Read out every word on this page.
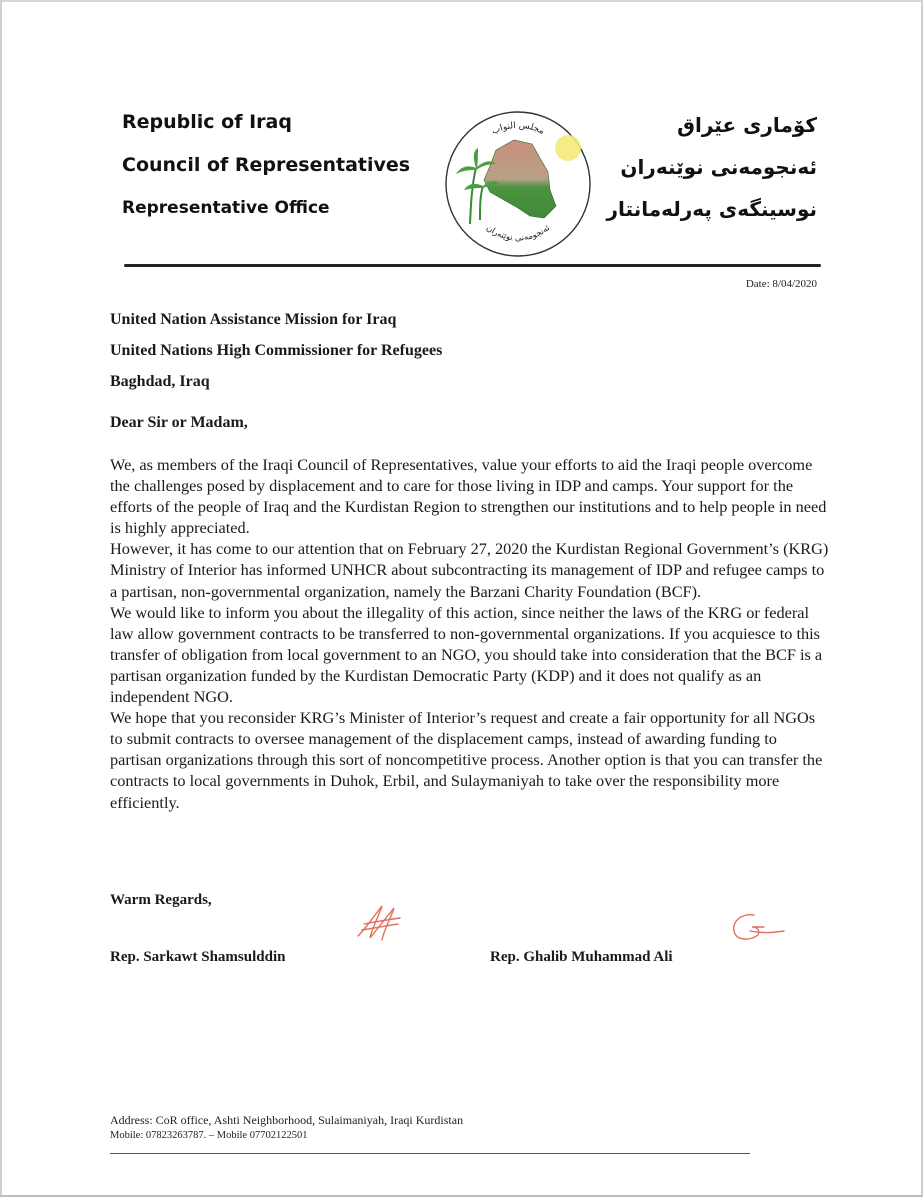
Republic of Iraq
Council of Representatives
Representative Office
مجلس النواب
ئەنجومەنی نوێنەران
كۆماری عێراق
ئەنجومەنی نوێنەران
نوسینگەی پەرلەمانتار
Date: 8/04/2020
United Nation Assistance Mission for Iraq
United Nations High Commissioner for Refugees
Baghdad, Iraq
Dear Sir or Madam,

We, as members of the Iraqi Council of Representatives, value your efforts to aid the Iraqi people overcome the challenges posed by displacement and to care for those living in IDP and camps. Your support for the efforts of the people of Iraq and the Kurdistan Region to strengthen our institutions and to help people in need is highly appreciated.

However, it has come to our attention that on February 27, 2020 the Kurdistan Regional Government’s (KRG) Ministry of Interior has informed UNHCR about subcontracting its management of IDP and refugee camps to a partisan, non-governmental organization, namely the Barzani Charity Foundation (BCF).

We would like to inform you about the illegality of this action, since neither the laws of the KRG or federal law allow government contracts to be transferred to non-governmental organizations. If you acquiesce to this transfer of obligation from local government to an NGO, you should take into consideration that the BCF is a partisan organization funded by the Kurdistan Democratic Party (KDP) and it does not qualify as an independent NGO.

We hope that you reconsider KRG’s Minister of Interior’s request and create a fair opportunity for all NGOs to submit contracts to oversee management of the displacement camps, instead of awarding funding to partisan organizations through this sort of noncompetitive process. Another option is that you can transfer the contracts to local governments in Duhok, Erbil, and Sulaymaniyah to take over the responsibility more efficiently.

Warm Regards,
Rep. Sarkawt Shamsulddin	Rep. Ghalib Muhammad Ali
Address: CoR office, Ashti Neighborhood, Sulaimaniyah, Iraqi Kurdistan
Mobile: 07823263787. – Mobile 07702122501
